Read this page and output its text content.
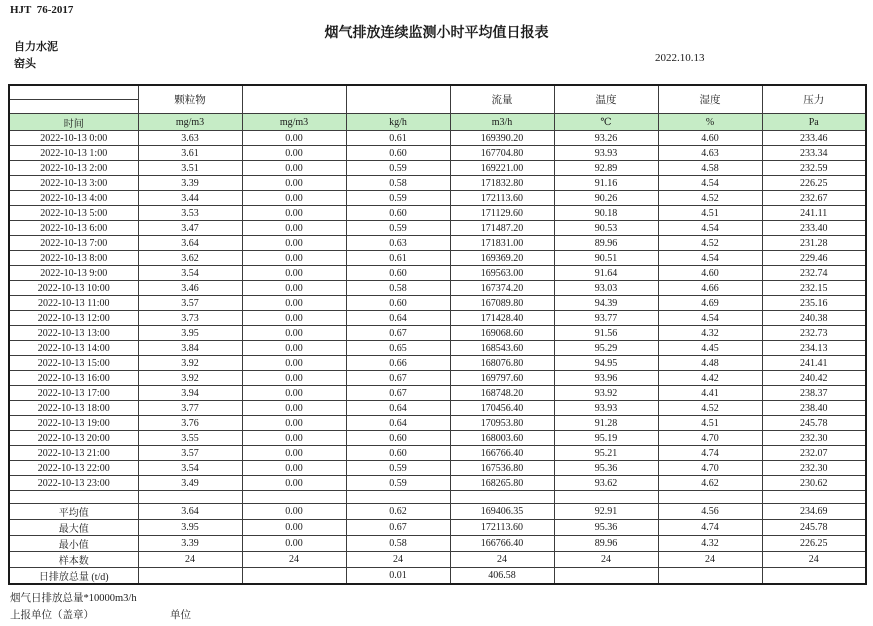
HJT  76-2017
烟气排放连续监测小时平均值日报表
自力水泥
窑头	2022.10.13
	颗粒物			流量	温度	湿度	压力

时间	mg/m3	mg/m3	kg/h	m3/h	℃	%	Pa
2022-10-13 0:00	3.63	0.00	0.61	169390.20	93.26	4.60	233.46
2022-10-13 1:00	3.61	0.00	0.60	167704.80	93.93	4.63	233.34
2022-10-13 2:00	3.51	0.00	0.59	169221.00	92.89	4.58	232.59
2022-10-13 3:00	3.39	0.00	0.58	171832.80	91.16	4.54	226.25
2022-10-13 4:00	3.44	0.00	0.59	172113.60	90.26	4.52	232.67
2022-10-13 5:00	3.53	0.00	0.60	171129.60	90.18	4.51	241.11
2022-10-13 6:00	3.47	0.00	0.59	171487.20	90.53	4.54	233.40
2022-10-13 7:00	3.64	0.00	0.63	171831.00	89.96	4.52	231.28
2022-10-13 8:00	3.62	0.00	0.61	169369.20	90.51	4.54	229.46
2022-10-13 9:00	3.54	0.00	0.60	169563.00	91.64	4.60	232.74
2022-10-13 10:00	3.46	0.00	0.58	167374.20	93.03	4.66	232.15
2022-10-13 11:00	3.57	0.00	0.60	167089.80	94.39	4.69	235.16
2022-10-13 12:00	3.73	0.00	0.64	171428.40	93.77	4.54	240.38
2022-10-13 13:00	3.95	0.00	0.67	169068.60	91.56	4.32	232.73
2022-10-13 14:00	3.84	0.00	0.65	168543.60	95.29	4.45	234.13
2022-10-13 15:00	3.92	0.00	0.66	168076.80	94.95	4.48	241.41
2022-10-13 16:00	3.92	0.00	0.67	169797.60	93.96	4.42	240.42
2022-10-13 17:00	3.94	0.00	0.67	168748.20	93.92	4.41	238.37
2022-10-13 18:00	3.77	0.00	0.64	170456.40	93.93	4.52	238.40
2022-10-13 19:00	3.76	0.00	0.64	170953.80	91.28	4.51	245.78
2022-10-13 20:00	3.55	0.00	0.60	168003.60	95.19	4.70	232.30
2022-10-13 21:00	3.57	0.00	0.60	166766.40	95.21	4.74	232.07
2022-10-13 22:00	3.54	0.00	0.59	167536.80	95.36	4.70	232.30
2022-10-13 23:00	3.49	0.00	0.59	168265.80	93.62	4.62	230.62

平均值	3.64	0.00	0.62	169406.35	92.91	4.56	234.69
最大值	3.95	0.00	0.67	172113.60	95.36	4.74	245.78
最小值	3.39	0.00	0.58	166766.40	89.96	4.32	226.25
样本数	24	24	24	24	24	24	24
日排放总量 (t/d)			0.01	406.58			
烟气日排放总量*10000m3/h
上报单位（盖章）	单位
